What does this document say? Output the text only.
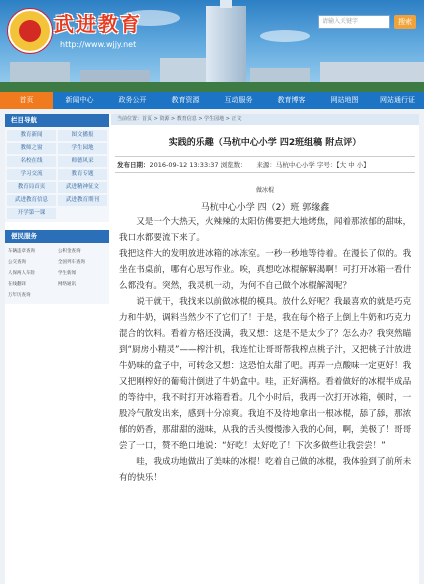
武进教育
http://www.wjjy.net
请输入关键字	搜索
首页	新闻中心	政务公开	教育资源	互动服务	教育博客	网站地图	网站通行证
栏目导航
教育新闻	图文播报
教师之窗	学生园地
名校在线	师德风采
学习交流	教育专题
教育局首页	武进精神征文
武进教育信息	武进教育期刊
开学第一课
便民服务
车辆违章查询	公积金查询
公交查询	全国列车查询
人保两人车险	学生新闻
在线翻译	网络通讯
万年历查询
当前位置：首页 > 资源 > 教育信息 > 学生园地 > 正文
实践的乐趣（马杭中心小学 四2班组稿 附点评）
发布日期：2016-09-12 13:33:37 浏览数：　　来源：马杭中心小学 字号：【大 中 小】
做冰棍
马杭中心小学 四（2）班 郭缘鑫

又是一个大热天，火辣辣的太阳仿佛要把大地烤焦，闻着那浓郁的甜味，我口水都要流下来了。

我把这件大的发明放进冰箱的冰冻室。一秒一秒地等待着。在漫长了似的。我坐在书桌前，哪有心思写作业。唉，真想吃冰棍解解渴啊！可打开冰箱一看什么都没有。突然，我灵机一动，为何不自己做个冰棍解渴呢？

说干就干，我找来以前做冰棍的模具。放什么好呢？我最喜欢的就是巧克力和牛奶，调料当然少不了它们了！于是，我在每个格子上倒上牛奶和巧克力混合的饮料。看着方格还没满，我又想：这是不是太少了？怎么办？我突然瞄到“厨房小精灵”——榨汁机，我连忙让哥哥帮我榨点桃子汁，又把桃子汁放进牛奶味的盒子中，可转念又想：这恐怕太甜了吧。再弄一点酸味一定更好！我又把刚榨好的葡萄汁倒进了牛奶盒中。哇，正好满格。看着做好的冰棍半成品的等待中，我不时打开冰箱看看。几个小时后，我再一次打开冰箱，顿时，一股冷气散发出来，感到十分凉爽。我迫不及待地拿出一根冰棍，舔了舔，那浓郁的奶香，那甜甜的滋味，从我的舌头慢慢渗入我的心间，啊，美极了！哥哥尝了一口，赞不绝口地说：“好吃！太好吃了！下次多做些让我尝尝！”

哇，我成功地做出了美味的冰棍！吃着自己做的冰棍，我体验到了前所未有的快乐！
